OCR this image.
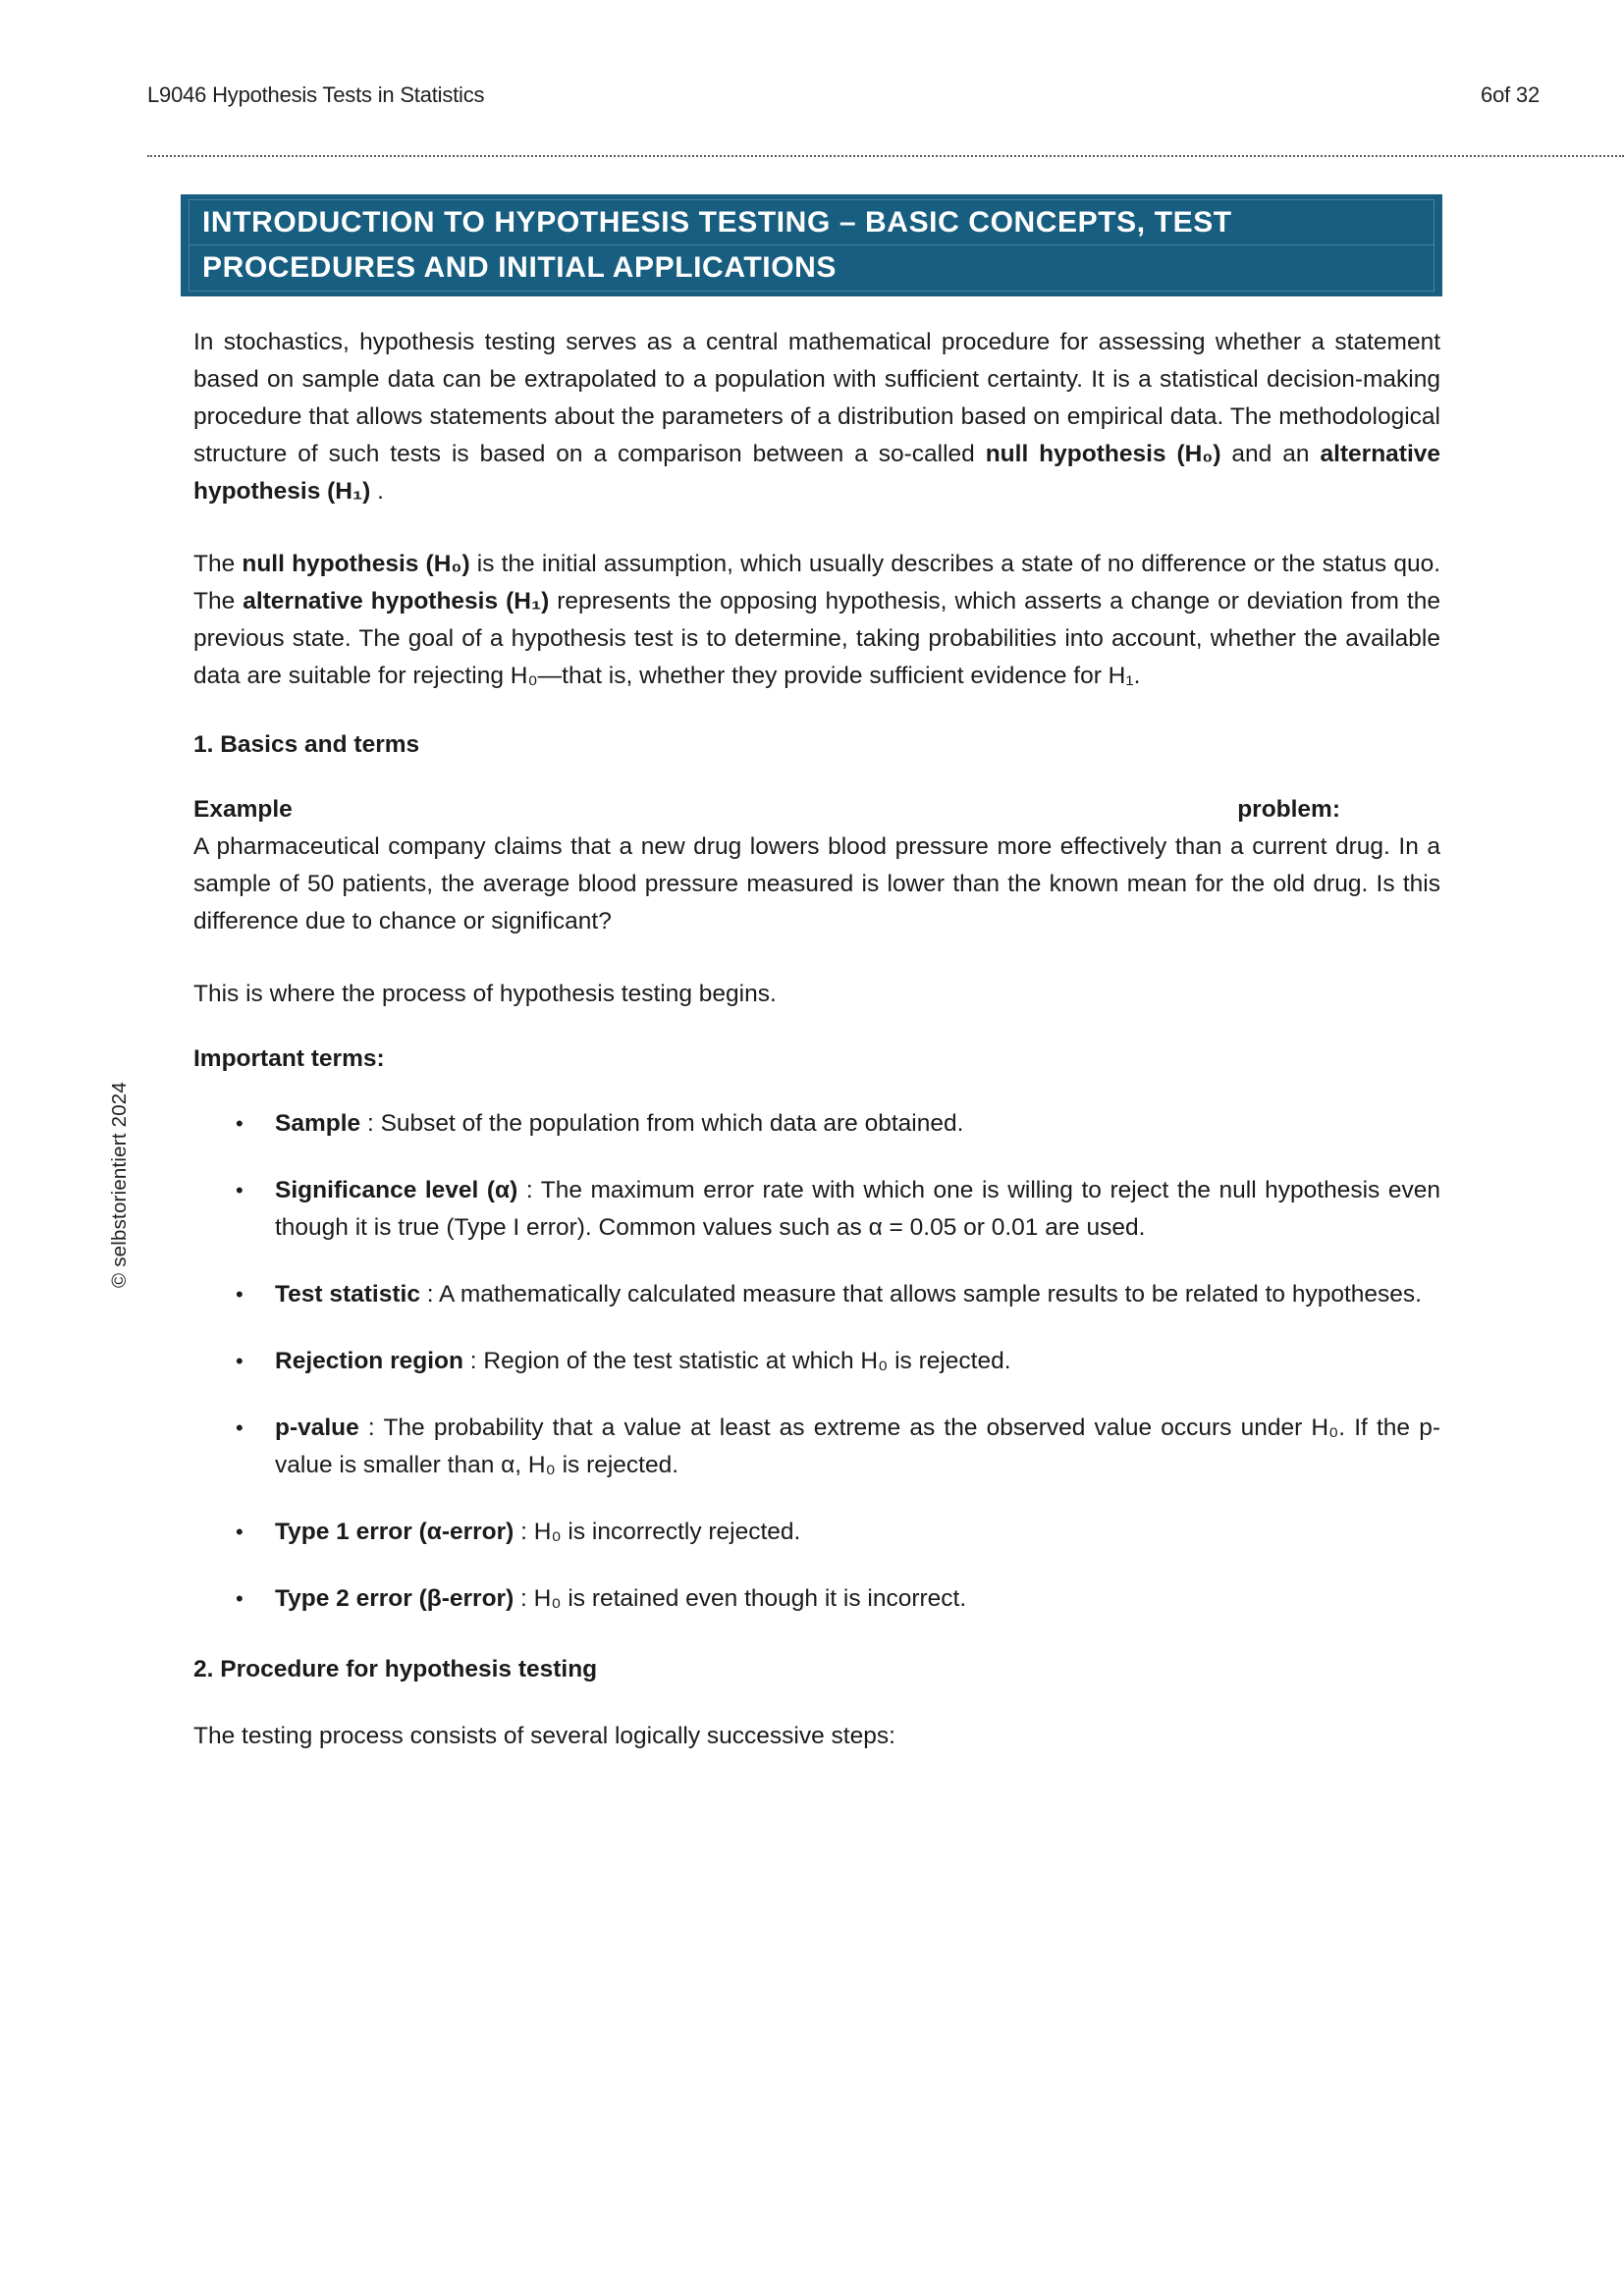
L9046 Hypothesis Tests in Statistics	6of 32
INTRODUCTION TO HYPOTHESIS TESTING – BASIC CONCEPTS, TEST
PROCEDURES AND INITIAL APPLICATIONS

In stochastics, hypothesis testing serves as a central mathematical procedure for assessing whether a statement based on sample data can be extrapolated to a population with sufficient certainty. It is a statistical decision-making procedure that allows statements about the parameters of a distribution based on empirical data. The methodological structure of such tests is based on a comparison between a so-called null hypothesis (H₀) and an alternative hypothesis (H₁) .

The null hypothesis (H₀) is the initial assumption, which usually describes a state of no difference or the status quo. The alternative hypothesis (H₁) represents the opposing hypothesis, which asserts a change or deviation from the previous state. The goal of a hypothesis test is to determine, taking probabilities into account, whether the available data are suitable for rejecting H₀—that is, whether they provide sufficient evidence for H₁.

1. Basics and terms
Example	problem:

A pharmaceutical company claims that a new drug lowers blood pressure more effectively than a current drug. In a sample of 50 patients, the average blood pressure measured is lower than the known mean for the old drug. Is this difference due to chance or significant?

This is where the process of hypothesis testing begins.

Important terms:
• Sample : Subset of the population from which data are obtained.
• Significance level (α) : The maximum error rate with which one is willing to reject the null hypothesis even though it is true (Type I error). Common values such as α = 0.05 or 0.01 are used.
• Test statistic : A mathematically calculated measure that allows sample results to be related to hypotheses.
• Rejection region : Region of the test statistic at which H₀ is rejected.
• p-value : The probability that a value at least as extreme as the observed value occurs under H₀. If the p-value is smaller than α, H₀ is rejected.
• Type 1 error (α-error) : H₀ is incorrectly rejected.
• Type 2 error (β-error) : H₀ is retained even though it is incorrect.
2. Procedure for hypothesis testing

The testing process consists of several logically successive steps:

© selbstorientiert 2024
